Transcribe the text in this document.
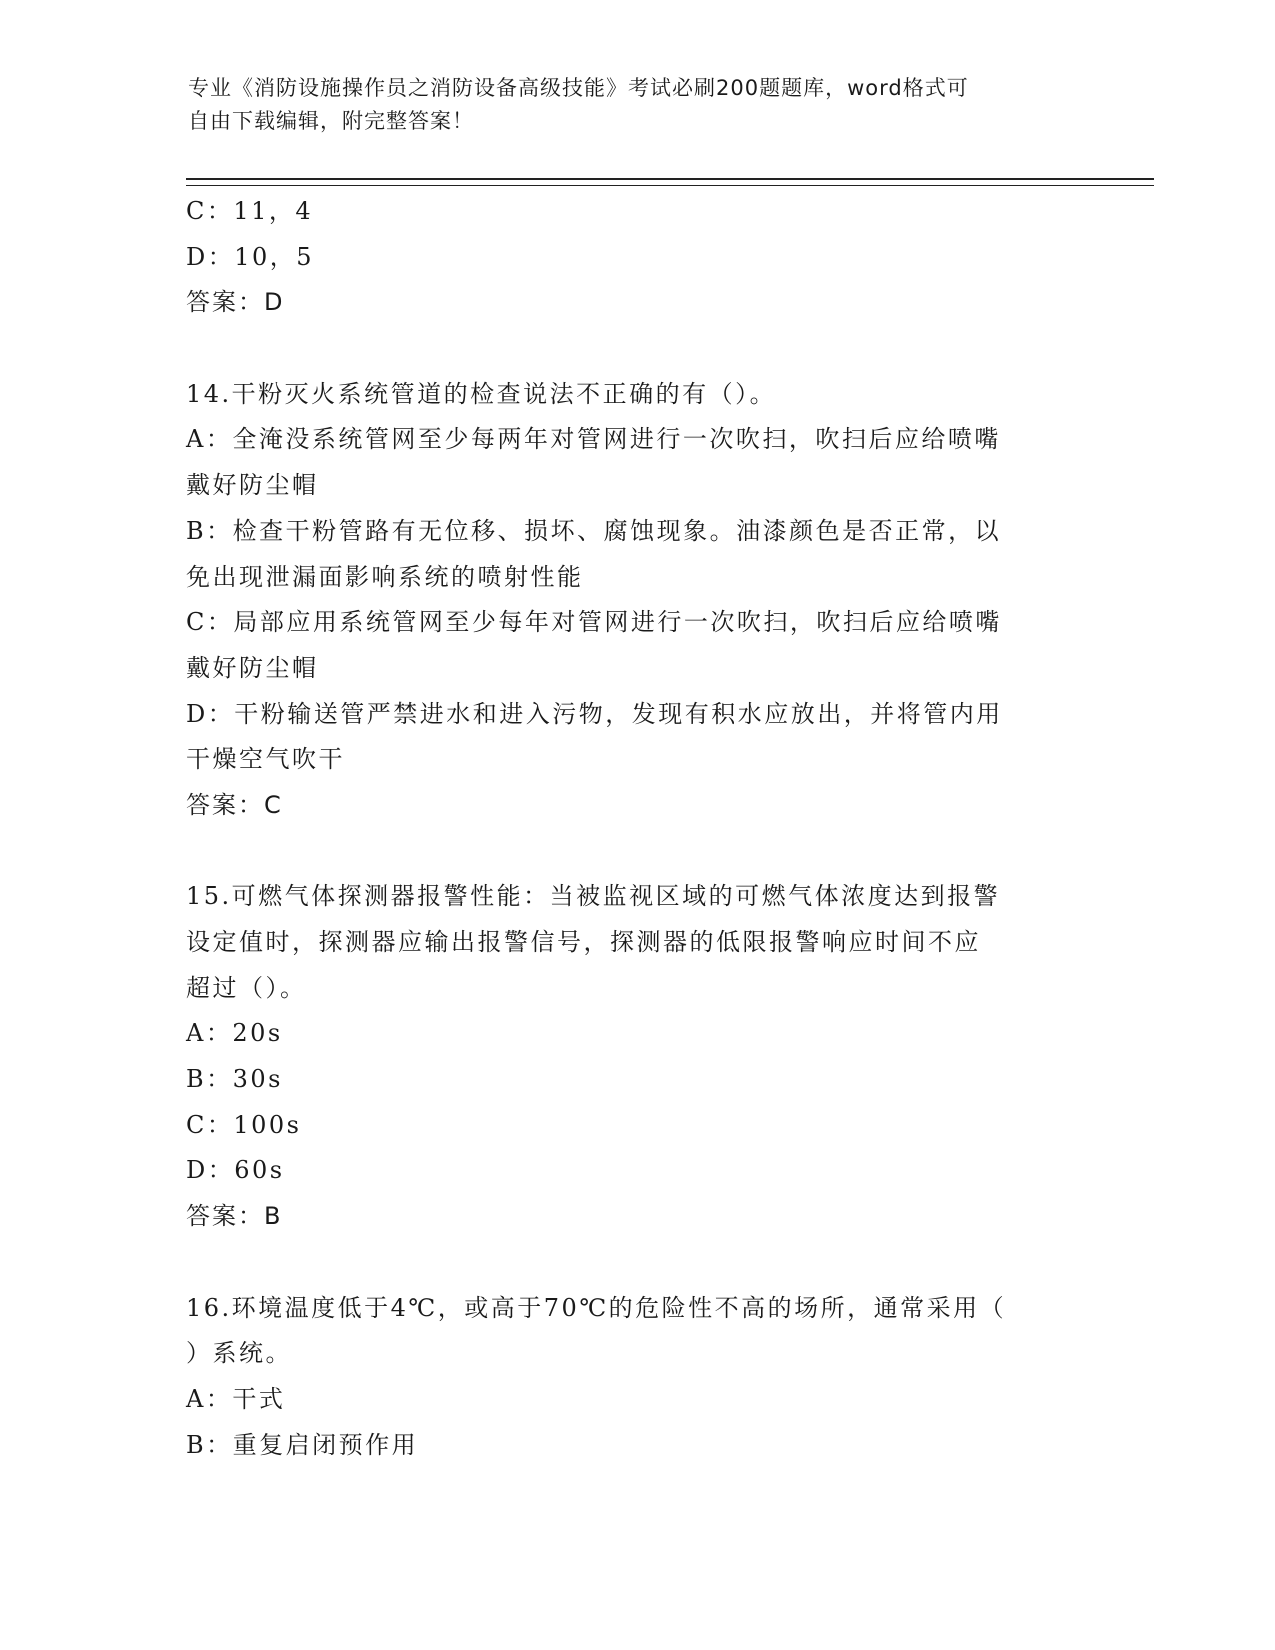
专业《消防设施操作员之消防设备高级技能》考试必刷200题题库，word格式可
自由下载编辑，附完整答案！
C：11，4
D：10，5
答案：D
14.干粉灭火系统管道的检查说法不正确的有（）。
A：全淹没系统管网至少每两年对管网进行一次吹扫，吹扫后应给喷嘴
戴好防尘帽
B：检查干粉管路有无位移、损坏、腐蚀现象。油漆颜色是否正常，以
免出现泄漏面影响系统的喷射性能
C：局部应用系统管网至少每年对管网进行一次吹扫，吹扫后应给喷嘴
戴好防尘帽
D：干粉输送管严禁进水和进入污物，发现有积水应放出，并将管内用
干燥空气吹干
答案：C
15.可燃气体探测器报警性能：当被监视区域的可燃气体浓度达到报警
设定值时，探测器应输出报警信号，探测器的低限报警响应时间不应
超过（）。
A：20s
B：30s
C：100s
D：60s
答案：B
16.环境温度低于4℃，或高于70℃的危险性不高的场所，通常采用（
）系统。
A：干式
B：重复启闭预作用
